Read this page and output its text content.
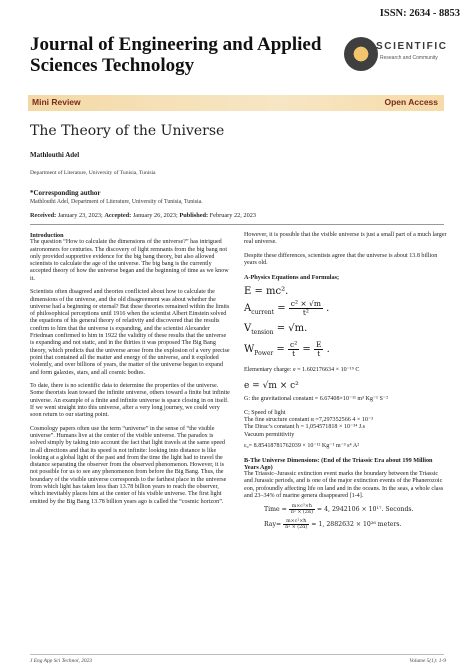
ISSN: 2634 - 8853
Journal of Engineering and Applied Sciences Technology
SCIENTIFIC
Research and Community
Mini Review	Open Access
The Theory of the Universe
Mathlouthi Adel
Department of Literature, University of Tunisia, Tunisia
*Corresponding author
Mathlouthi Adel, Department of Literature, University of Tunisia, Tunisia.
Received: January 23, 2023; Accepted: January 26, 2023; Published: February 22, 2023
Introduction

The question “How to calculate the dimensions of the universe?” has intrigued astronomers for centuries. The discovery of light remnants from the big bang not only provided supportive evidence for the big bang theory, but also allowed scientists to calculate the age of the universe. The big bang is the currently accepted theory of how the universe began and the beginning of time as we know it.

Scientists often disagreed and theories conflicted about how to calculate the dimensions of the universe, and the old disagreement was about whether the universe had a beginning or eternal? But these theories remained within the limits of philosophical perceptions until 1916 when the scientist Albert Einstein solved the equations of his general theory of relativity and discovered that the results confirm to him that the universe is expanding, and the scientist Alexander Friedman confirmed to him in 1922 the validity of these results that the universe is expanding and not static, and in the thirties it was proposed The Big Bang theory, which predicts that the universe arose from the explosion of a very precise point that contained all the matter and energy of the universe, and it exploded violently, and over billions of years, the matter of the universe began to expand and form galaxies, stars, and all cosmic bodies.

To date, there is no scientific data to determine the properties of the universe. Some theorists lean toward the infinite universe, others toward a finite but infinite universe. An example of a finite and infinite universe is space closing in on itself. If we went straight into this universe, after a very long journey, we could very soon return to our starting point.

Cosmology papers often use the term “universe” in the sense of “the visible universe”. Humans live at the center of the visible universe. The paradox is solved simply by taking into account the fact that light travels at the same speed in all directions and that its speed is not infinite: looking into distance is like looking at a global light of the past and from the time the light had to travel the distance separating the observer from the observed phenomenon. However, it is not possible for us to see any phenomenon from before the Big Bang. Thus, the boundary of the visible universe corresponds to the farthest place in the universe from which light has taken less than 13.78 billion years to reach the observer, which inevitably places him at the center of his visible universe. The first light emitted by the Big Bang 13.78 billion years ago is called the “cosmic horizon”.

However, it is possible that the visible universe is just a small part of a much larger real universe.

Despite these differences, scientists agree that the universe is about 13.8 billion years old.

A-Physics Equations and Formulas;
E = mc².
$A_{current} = \frac{\text{c² × √m}}{\text{t²}}$ .
$V_{tension} = √m$.
$W_{Power} = \frac{\text{c²}}{t} = \frac{E}{t}$ .

Elementary charge: e = 1.602176634 × 10⁻¹⁹ C

e = √m × c²

G: the gravitational constant = 6.67408×10⁻¹¹ m³ Kg⁻¹ S⁻²

C; Speed of light
The fine structure constant α =7,297352566 4 × 10⁻³
The Dirac’s constant ħ = 1,054571818 × 10⁻³⁴ J.s
Vacuum permittivity

ε₀= 8.85418781762039 × 10⁻¹² Kg⁻¹ m⁻³ s⁴ A²

B-The Universe Dimensions: (End of the Triassic Era about 199 Million Years Ago)

The Triassic–Jurassic extinction event marks the boundary between the Triassic and Jurassic periods, and is one of the major extinction events of the Phanerozoic eon, profoundly affecting life on land and in the oceans. In the seas, a whole class and 23–34% of marine genera disappeared [1-4].

Time = $\frac{\text{m×c²×ħ}}{\text{π² × (2α)}} = 4$, 2942106 × 10¹⁷. Seconds.
$Ray= \frac{\text{m×c²×ħ}}{\text{π² × (2α)}} = 1$, 2882632 × 10²⁶ meters.
J Eng App Sci Technol, 2023	Volume 5(1): 1-9
